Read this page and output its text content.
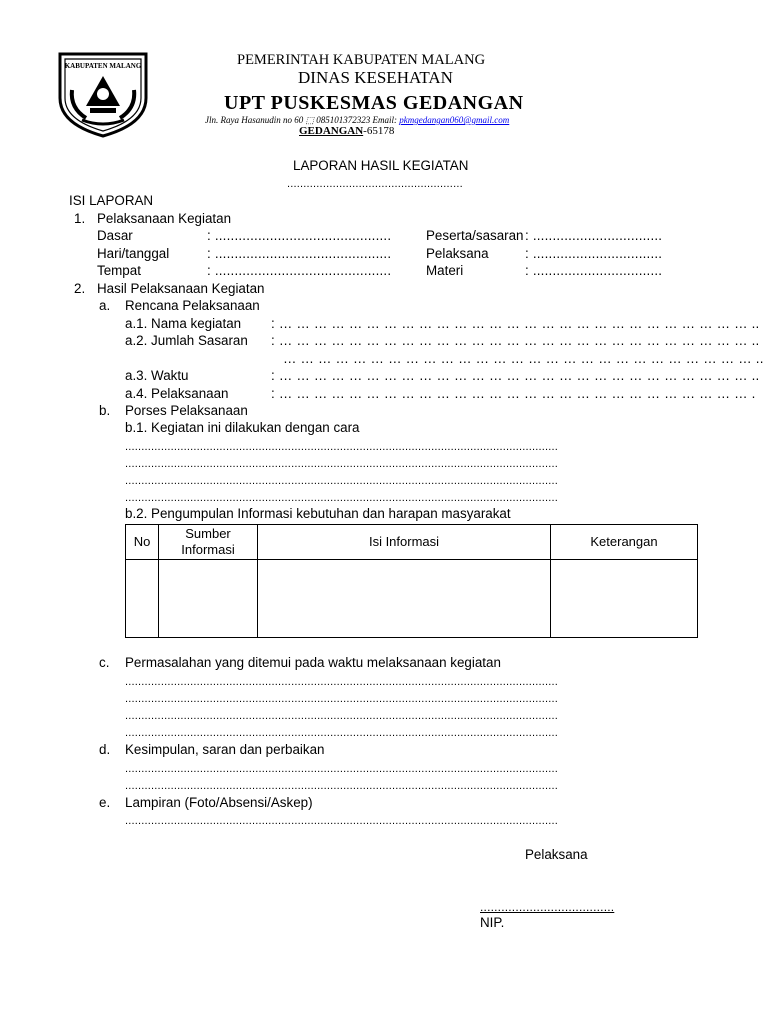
KABUPATEN MALANG	PEMERINTAH KABUPATEN MALANG
DINAS KESEHATAN
UPT PUSKESMAS GEDANGAN
Jln. Raya Hasanudin no 60 ⬚ 085101372323 Email: pkmgedangan060@gmail.com
GEDANGAN-65178
LAPORAN HASIL KEGIATAN
......................................................
ISI LAPORAN
1. Pelaksanaan Kegiatan
Dasar	: .............................................	Peserta/sasaran : .................................
Hari/tanggal	: .............................................	Pelaksana	: .................................
Tempat	: .............................................	Materi	: .................................
2. Hasil Pelaksanaan Kegiatan
a. Rencana Pelaksanaan
a.1. Nama kegiatan : … … … … … … … … … … … … … … … … … … … … … … … … … … … ..
a.2. Jumlah Sasaran : … … … … … … … … … … … … … … … … … … … … … … … … … … … ..
… … … … … … … … … … … … … … … … … … … … … … … … … … … ..
a.3. Waktu	: … … … … … … … … … … … … … … … … … … … … … … … … … … … ..
a.4. Pelaksanaan	: … … … … … … … … … … … … … … … … … … … … … … … … … … … .
b. Porses Pelaksanaan
b.1. Kegiatan ini dilakukan dengan cara
.....................................................................................................................................
.....................................................................................................................................
.....................................................................................................................................
.....................................................................................................................................
b.2. Pengumpulan Informasi kebutuhan dan harapan masyarakat
No	Sumber Informasi	Isi Informasi	Keterangan

c. Permasalahan yang ditemui pada waktu melaksanaan kegiatan
.....................................................................................................................................
.....................................................................................................................................
.....................................................................................................................................
.....................................................................................................................................
d. Kesimpulan, saran dan perbaikan
.....................................................................................................................................
.....................................................................................................................................
e. Lampiran (Foto/Absensi/Askep)
.....................................................................................................................................
Pelaksana
......................................
NIP.
